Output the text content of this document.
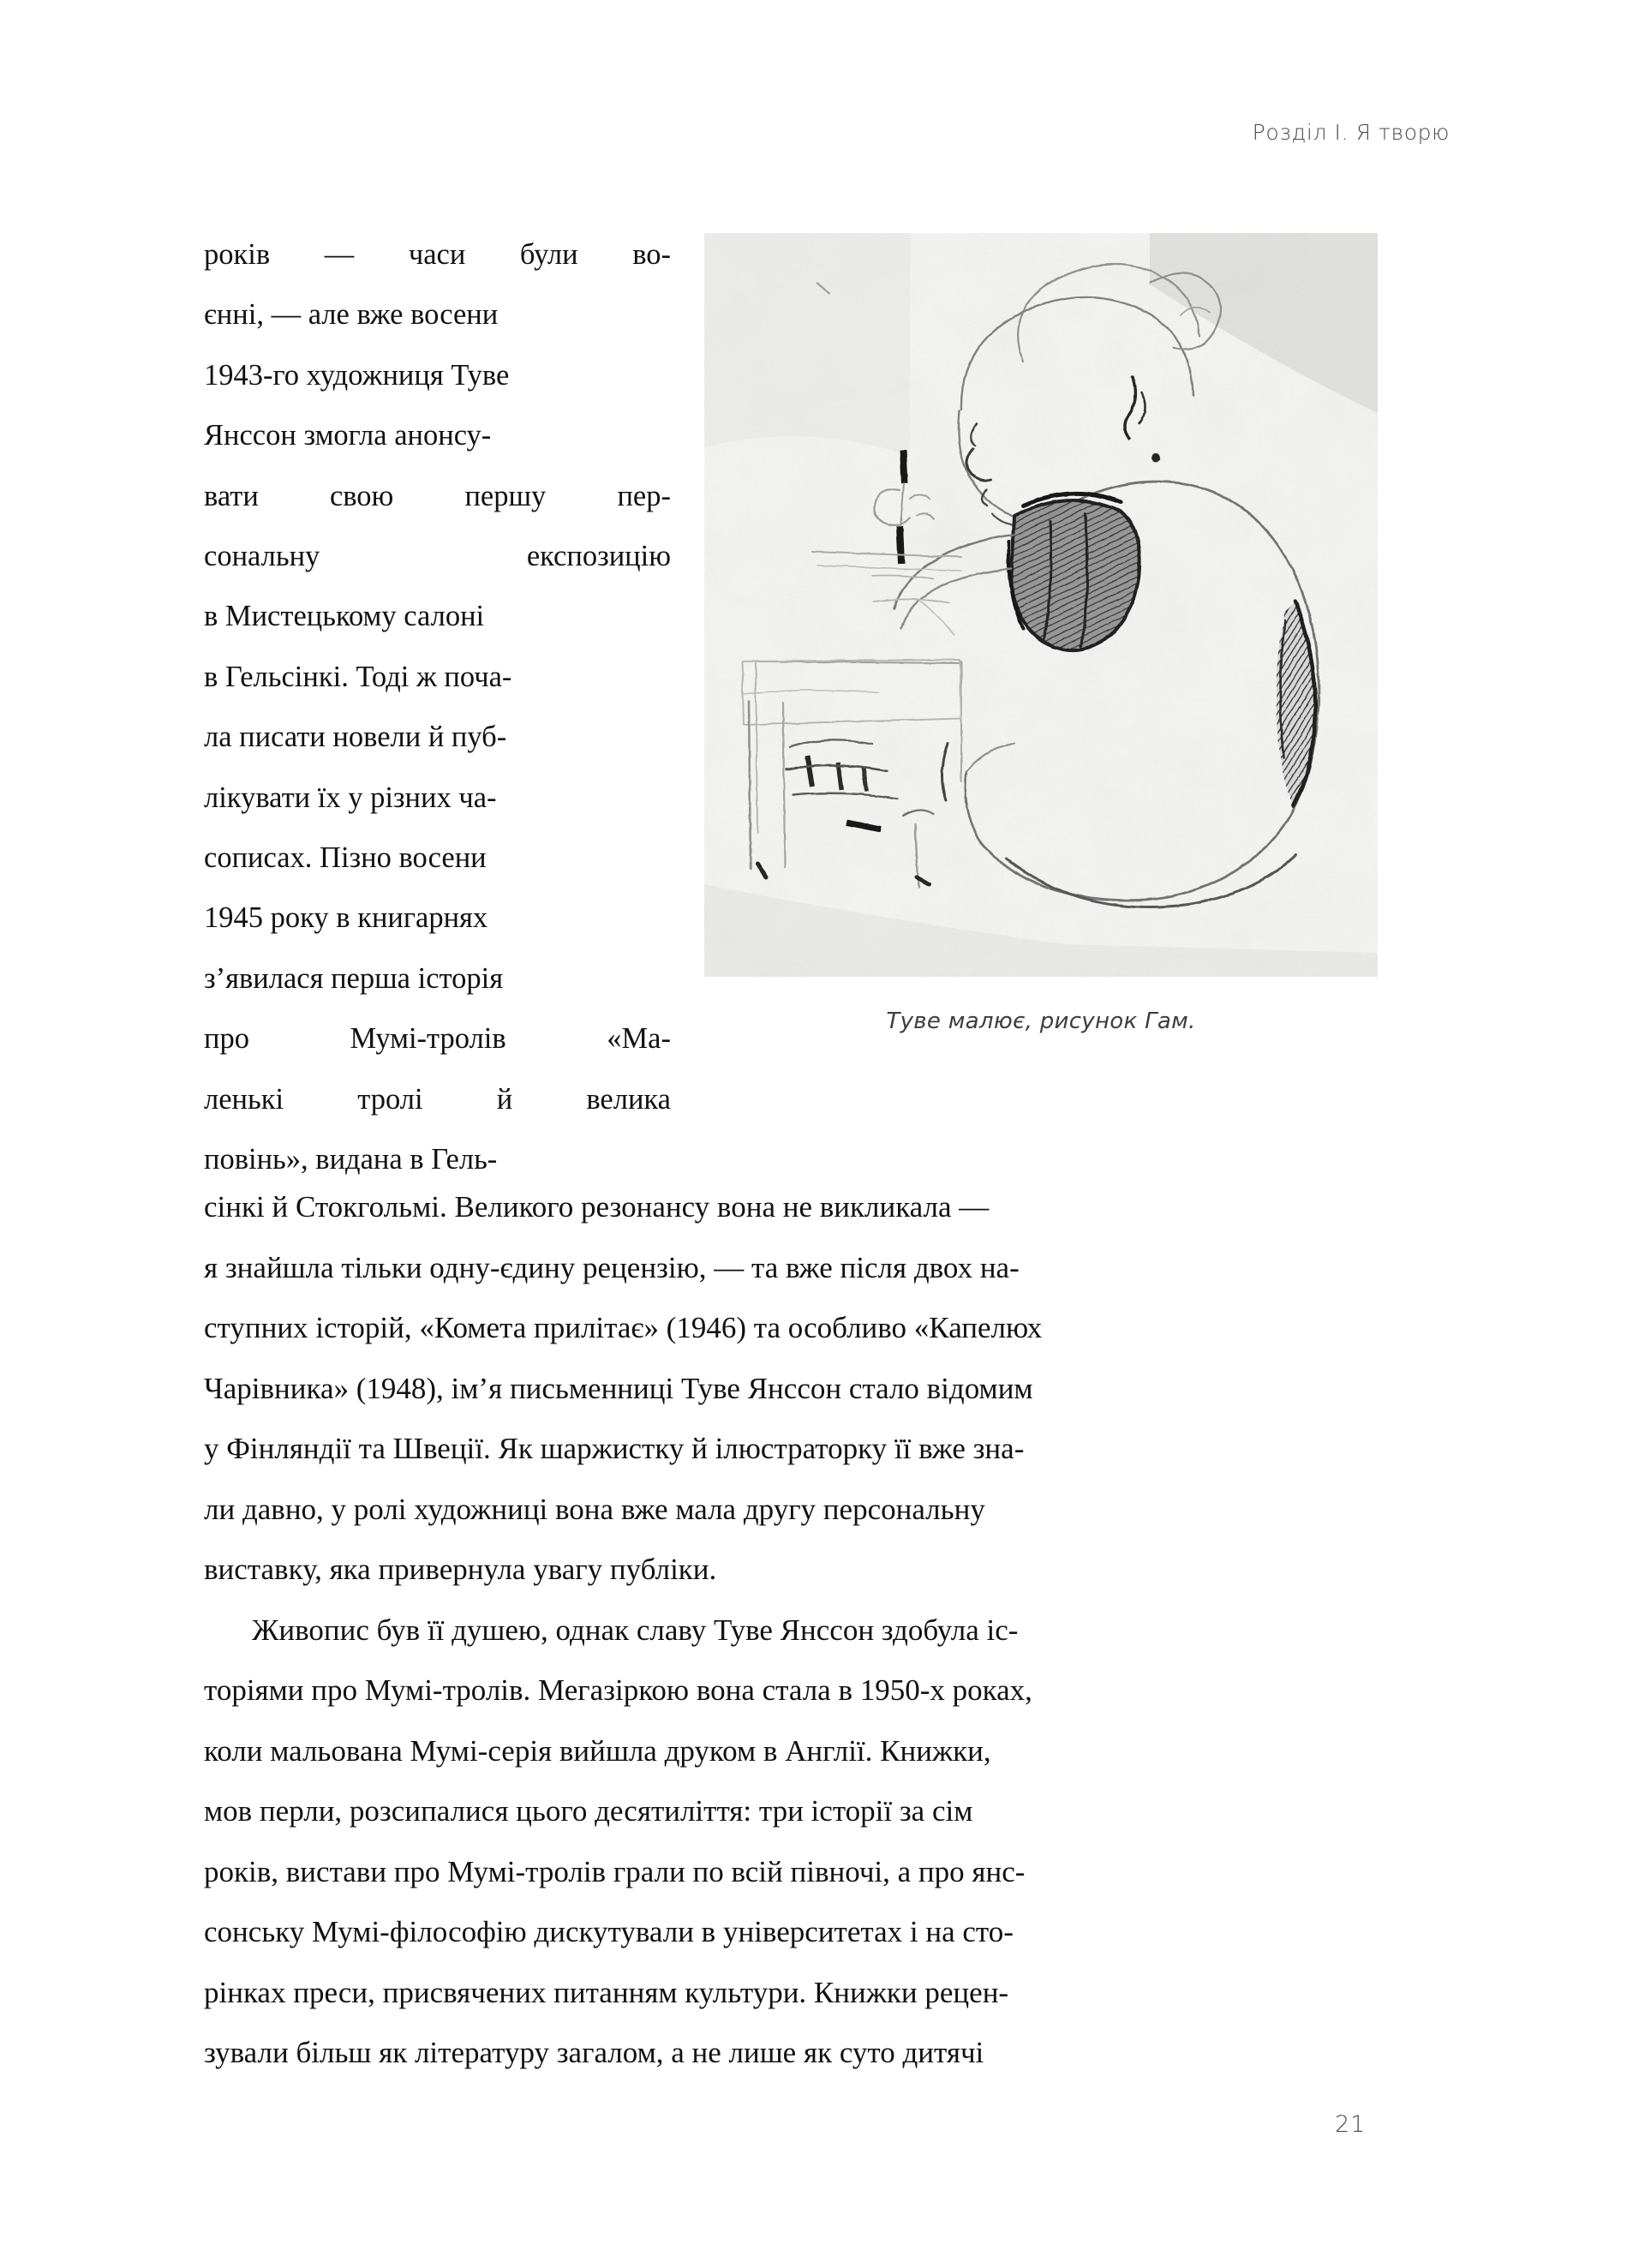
Розділ I. Я творю
Туве малює, рисунок Гам.
років — часи були во-
єнні, — але вже восени
1943-го художниця Туве
Янссон змогла анонсу-
вати свою першу пер-
сональну	експозицію
в Мистецькому салоні
в Гельсінкі. Тоді ж поча-
ла писати новели й пуб-
лікувати їх у різних ча-
сописах. Пізно восени
1945 року в книгарнях
з’явилася перша історія
про	Мумі-тролів	«Ма-
ленькі тролі й велика
повінь», видана в Гель-
сінкі й Стокгольмі. Великого резонансу вона не викликала —
я знайшла тільки одну-єдину рецензію, — та вже після двох на-
ступних історій, «Комета прилітає» (1946) та особливо «Капелюх
Чарівника» (1948), ім’я письменниці Туве Янссон стало відомим
у Фінляндії та Швеції. Як шаржистку й ілюстраторку її вже зна-
ли давно, у ролі художниці вона вже мала другу персональну
виставку, яка привернула увагу публіки.
Живопис був її душею, однак славу Туве Янссон здобула іс-
торіями про Мумі-тролів. Мегазіркою вона стала в 1950-х роках,
коли мальована Мумі-серія вийшла друком в Англії. Книжки,
мов перли, розсипалися цього десятиліття: три історії за сім
років, вистави про Мумі-тролів грали по всій півночі, а про янс-
сонську Мумі-філософію дискутували в університетах і на сто-
рінках преси, присвячених питанням культури. Книжки рецен-
зували більш як літературу загалом, а не лише як суто дитячі
21
